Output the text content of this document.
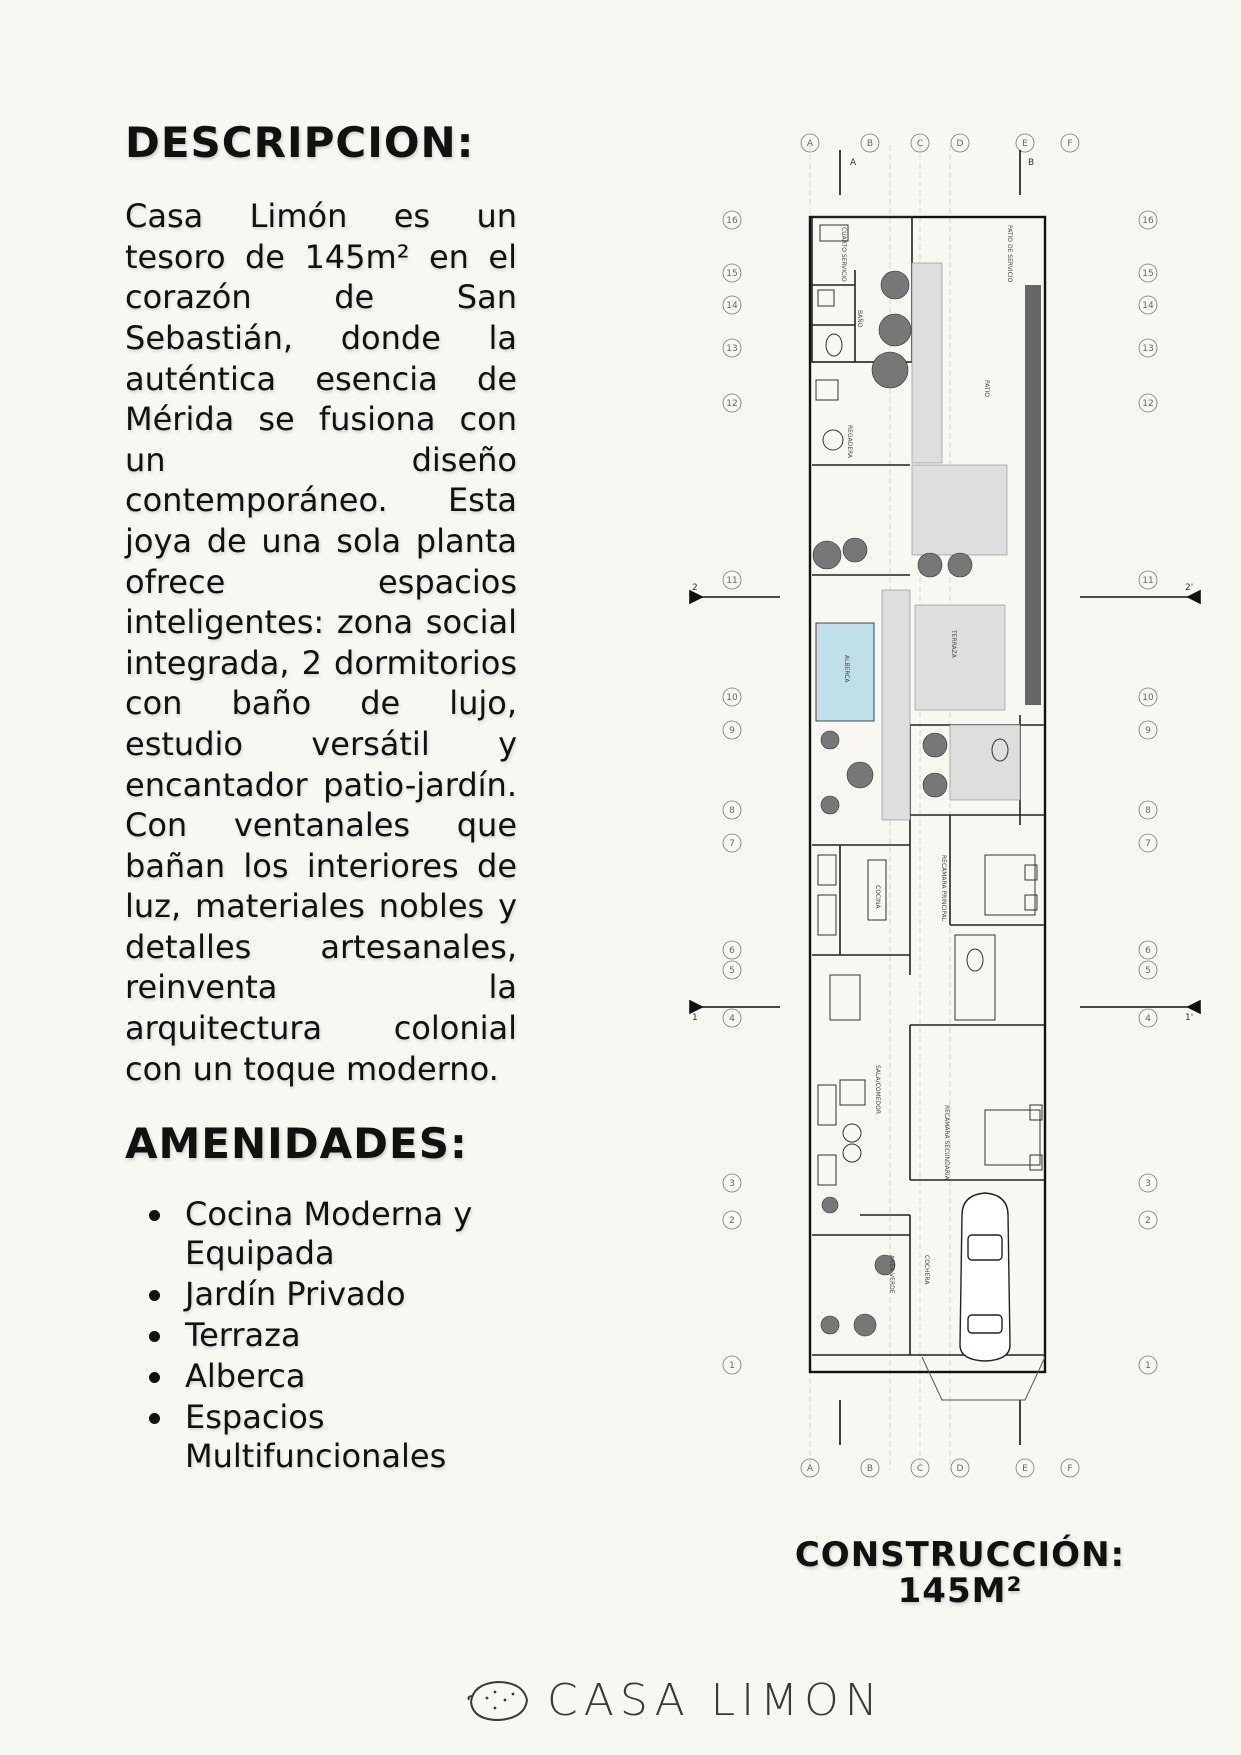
DESCRIPCION:

Casa Limón es un tesoro de 145m² en el corazón de San Sebastián, donde la auténtica esencia de Mérida se fusiona con un diseño contemporáneo. Esta joya de una sola planta ofrece espacios inteligentes: zona social integrada, 2 dormitorios con baño de lujo, estudio versátil y encantador patio-jardín. Con ventanales que bañan los interiores de luz, materiales nobles y detalles artesanales, reinventa la arquitectura colonial con un toque moderno.

AMENIDADES:
Cocina Moderna y Equipada
Jardín Privado
Terraza
Alberca
Espacios Multifuncionales
A	B	C	D	E	F
A	B	C	D	E	F
16
15
14
13
12
11
10
9
8
7
6
5
4
3
2
1
16
15
14
13
12
11
10
9
8
7
6
5
4
3
2
1
A	B
2	2'
1	1'
PATIO DE SERVICIO
CUARTO SERVICIO
BAÑO
PATIO
REGADERA
TERRAZA
ALBERCA
COCINA	RECAMARA PRINCIPAL
RECAMARA SECUNDARIA
SALA/COMEDOR
AREA VERDE	COCHERA
CONSTRUCCIÓN:
145M²
CASA LIMON
